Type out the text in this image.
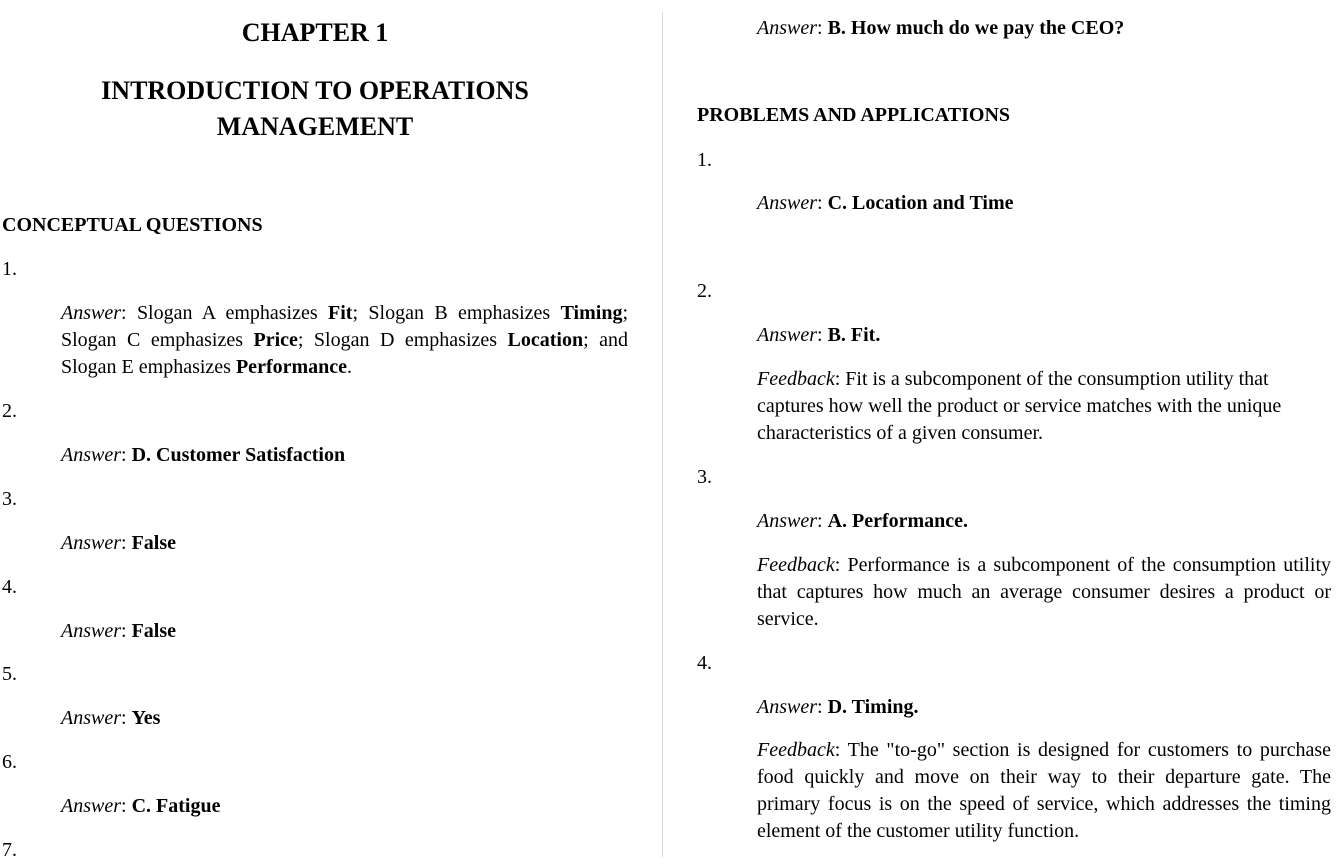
CHAPTER 1
INTRODUCTION TO OPERATIONS MANAGEMENT
CONCEPTUAL QUESTIONS
1.
Answer: Slogan A emphasizes Fit; Slogan B emphasizes Timing; Slogan C emphasizes Price; Slogan D emphasizes Location; and Slogan E emphasizes Performance.
2.
Answer: D. Customer Satisfaction
3.
Answer: False
4.
Answer: False
5.
Answer: Yes
6.
Answer: C. Fatigue
7.
Answer: B. How much do we pay the CEO?
PROBLEMS AND APPLICATIONS
1.
Answer: C. Location and Time
2.
Answer: B. Fit.
Feedback: Fit is a subcomponent of the consumption utility that captures how well the product or service matches with the unique characteristics of a given consumer.
3.
Answer: A. Performance.
Feedback: Performance is a subcomponent of the consumption utility that captures how much an average consumer desires a product or service.
4.
Answer: D. Timing.
Feedback: The "to-go" section is designed for customers to purchase food quickly and move on their way to their departure gate. The primary focus is on the speed of service, which addresses the timing element of the customer utility function.
